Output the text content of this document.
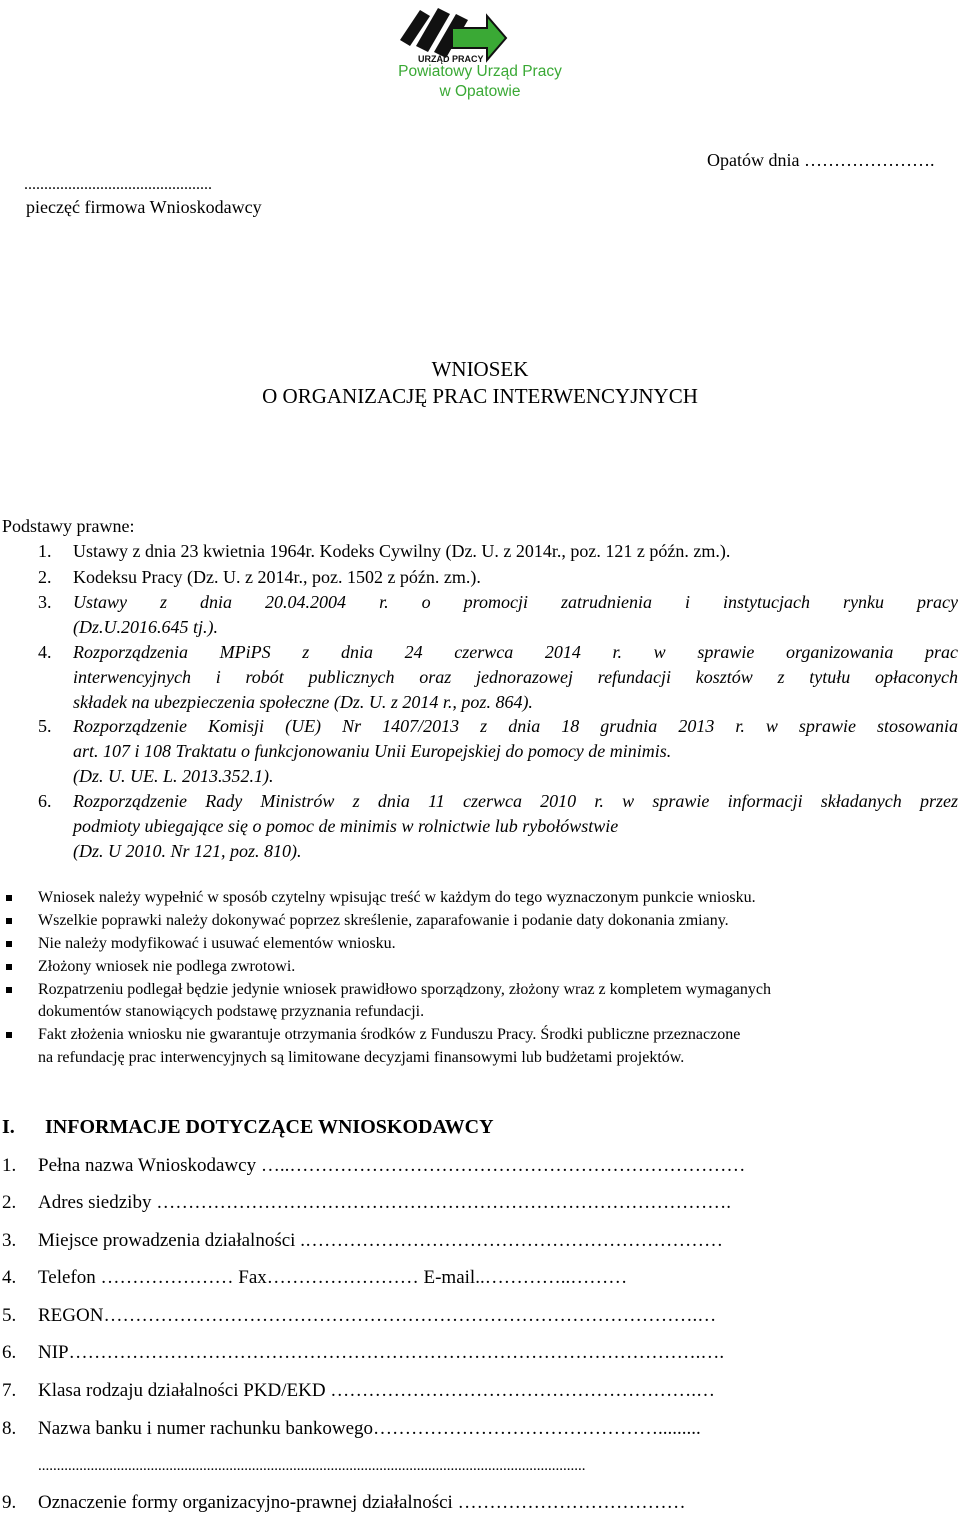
URZĄD PRACY
Powiatowy Urząd Pracy
w Opatowie
Opatów dnia ………………….
...............................................
pieczęć firmowa Wnioskodawcy
WNIOSEK
O ORGANIZACJĘ PRAC INTERWENCYJNYCH
Podstawy prawne:
1. Ustawy z dnia 23 kwietnia 1964r. Kodeks Cywilny (Dz. U. z 2014r., poz. 121 z późn. zm.).
2. Kodeksu Pracy (Dz. U. z 2014r., poz. 1502 z późn. zm.).
3. Ustawy z dnia 20.04.2004 r. o promocji zatrudnienia i instytucjach rynku pracy
(Dz.U.2016.645 tj.).
4. Rozporządzenia MPiPS z dnia 24 czerwca 2014 r. w sprawie organizowania prac
interwencyjnych i robót publicznych oraz jednorazowej refundacji kosztów z tytułu opłaconych
składek na ubezpieczenia społeczne (Dz. U. z 2014 r., poz. 864).
5. Rozporządzenie Komisji (UE) Nr 1407/2013 z dnia 18 grudnia 2013 r. w sprawie stosowania
art. 107 i 108 Traktatu o funkcjonowaniu Unii Europejskiej do pomocy de minimis.
(Dz. U. UE. L. 2013.352.1).
6. Rozporządzenie Rady Ministrów z dnia 11 czerwca 2010 r. w sprawie informacji składanych przez
podmioty ubiegające się o pomoc de minimis w rolnictwie lub rybołówstwie
(Dz. U 2010. Nr 121, poz. 810).
Wniosek należy wypełnić w sposób czytelny wpisując treść w każdym do tego wyznaczonym punkcie wniosku.
Wszelkie poprawki należy dokonywać poprzez skreślenie, zaparafowanie i podanie daty dokonania zmiany.
Nie należy modyfikować i usuwać elementów wniosku.
Złożony wniosek nie podlega zwrotowi.
Rozpatrzeniu podlegał będzie jedynie wniosek prawidłowo sporządzony, złożony wraz z kompletem wymaganych
dokumentów stanowiących podstawę przyznania refundacji.
Fakt złożenia wniosku nie gwarantuje otrzymania środków z Funduszu Pracy. Środki publiczne przeznaczone
na refundację prac interwencyjnych są limitowane decyzjami finansowymi lub budżetami projektów.
I. INFORMACJE DOTYCZĄCE WNIOSKODAWCY
1. Pełna nazwa Wnioskodawcy …..………………………………………………………………
2. Adres siedziby ……………………………………………………………………………….
3. Miejsce prowadzenia działalności .…………………………………………………………
4. Telefon ………………… Fax…………………… E-mail..…………..………
5. REGON………………………………………………………………………………….…
6. NIP……………………………………………………………………………………….….
7. Klasa rodzaju działalności PKD/EKD ………………………………………………….…
8. Nazwa banku i numer rachunku bankowego……………………………………….........
..................................................................................................................................................
9. Oznaczenie formy organizacyjno-prawnej działalności ………………………………
